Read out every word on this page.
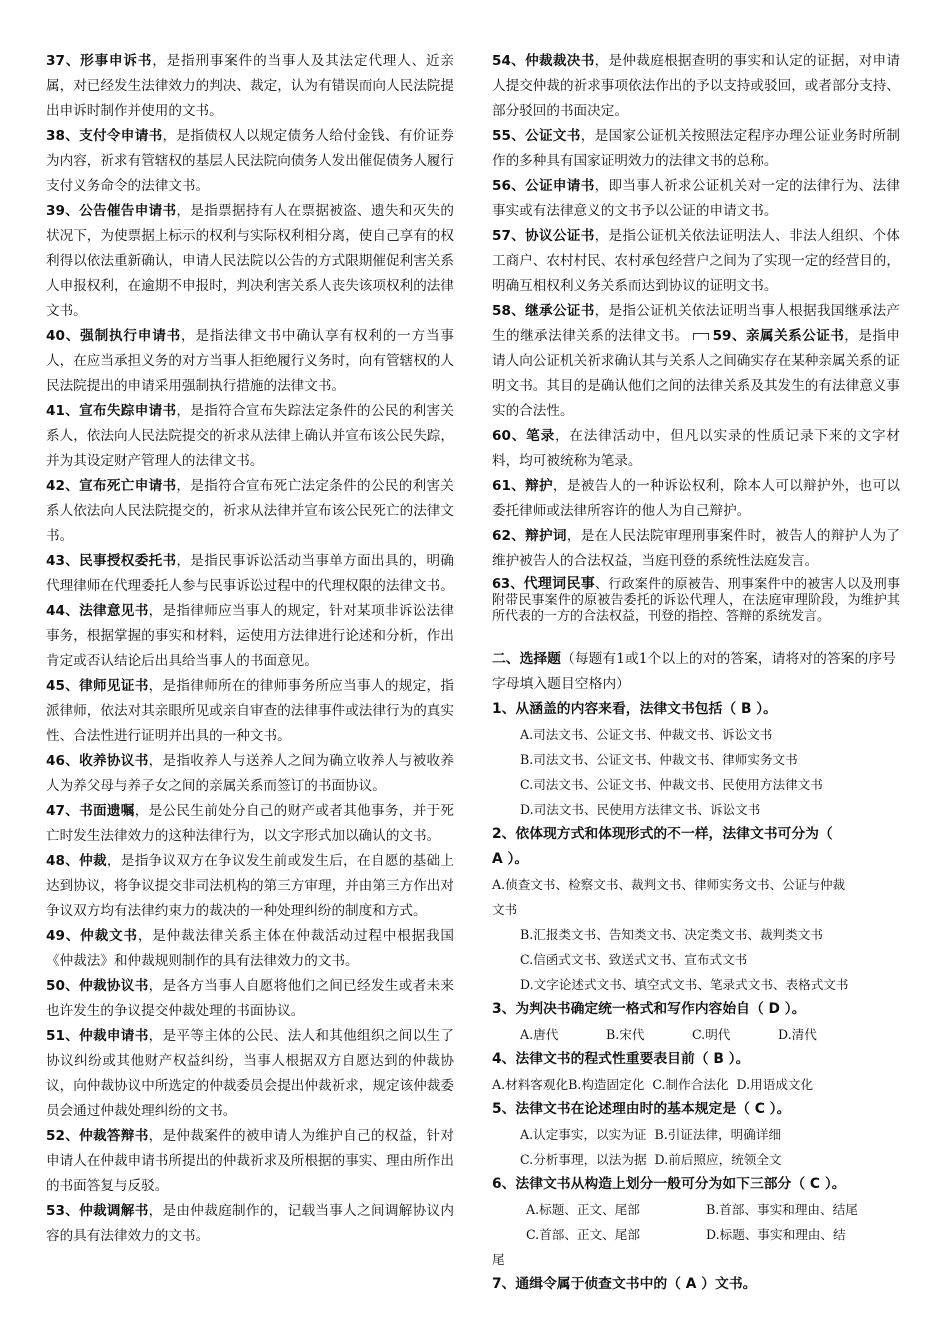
37、形事申诉书，是指刑事案件的当事人及其法定代理人、近亲属，对已经发生法律效力的判决、裁定，认为有错误而向人民法院提出申诉时制作并使用的文书。
38、支付令申请书，是指债权人以规定债务人给付金钱、有价证券为内容，祈求有管辖权的基层人民法院向债务人发出催促债务人履行支付义务命令的法律文书。
39、公告催告申请书，是指票据持有人在票据被盗、遗失和灭失的状况下，为使票据上标示的权利与实际权利相分离，使自己享有的权利得以依法重新确认，申请人民法院以公告的方式限期催促利害关系人申报权利，在逾期不申报时，判决利害关系人丧失该项权利的法律文书。
40、强制执行申请书，是指法律文书中确认享有权利的一方当事人，在应当承担义务的对方当事人拒绝履行义务时，向有管辖权的人民法院提出的申请采用强制执行措施的法律文书。
41、宣布失踪申请书，是指符合宣布失踪法定条件的公民的利害关系人，依法向人民法院提交的祈求从法律上确认并宣布该公民失踪，并为其设定财产管理人的法律文书。
42、宣布死亡申请书，是指符合宣布死亡法定条件的公民的利害关系人依法向人民法院提交的，祈求从法律并宣布该公民死亡的法律文书。
43、民事授权委托书，是指民事诉讼活动当事单方面出具的，明确代理律师在代理委托人参与民事诉讼过程中的代理权限的法律文书。
44、法律意见书，是指律师应当事人的规定，针对某项非诉讼法律事务，根据掌握的事实和材料，运使用方法律进行论述和分析，作出肯定或否认结论后出具给当事人的书面意见。
45、律师见证书，是指律师所在的律师事务所应当事人的规定，指派律师，依法对其亲眼所见或亲自审查的法律事件或法律行为的真实性、合法性进行证明并出具的一种文书。
46、收养协议书，是指收养人与送养人之间为确立收养人与被收养人为养父母与养子女之间的亲属关系而签订的书面协议。
47、书面遗嘱，是公民生前处分自己的财产或者其他事务，并于死亡时发生法律效力的这种法律行为，以文字形式加以确认的文书。
48、仲裁，是指争议双方在争议发生前或发生后，在自愿的基础上达到协议，将争议提交非司法机构的第三方审理，并由第三方作出对争议双方均有法律约束力的裁决的一种处理纠纷的制度和方式。
49、仲裁文书，是仲裁法律关系主体在仲裁活动过程中根据我国《仲裁法》和仲裁规则制作的具有法律效力的文书。
50、仲裁协议书，是各方当事人自愿将他们之间已经发生或者未来也许发生的争议提交仲裁处理的书面协议。
51、仲裁申请书，是平等主体的公民、法人和其他组织之间以生了协议纠纷或其他财产权益纠纷，当事人根据双方自愿达到的仲裁协议，向仲裁协议中所选定的仲裁委员会提出仲裁祈求，规定该仲裁委员会通过仲裁处理纠纷的文书。
52、仲裁答辩书，是仲裁案件的被申请人为维护自己的权益，针对申请人在仲裁申请书所提出的仲裁祈求及所根据的事实、理由所作出的书面答复与反驳。
53、仲裁调解书，是由仲裁庭制作的，记载当事人之间调解协议内容的具有法律效力的文书。
54、仲裁裁决书，是仲裁庭根据查明的事实和认定的证据，对申请人提交仲裁的祈求事项依法作出的予以支持或驳回，或者部分支持、部分驳回的书面决定。
55、公证文书，是国家公证机关按照法定程序办理公证业务时所制作的多种具有国家证明效力的法律文书的总称。
56、公证申请书，即当事人祈求公证机关对一定的法律行为、法律事实或有法律意义的文书予以公证的申请文书。
57、协议公证书，是指公证机关依法证明法人、非法人组织、个体工商户、农村村民、农村承包经营户之间为了实现一定的经营目的，明确互相权利义务关系而达到协议的证明文书。
58、继承公证书，是指公证机关依法证明当事人根据我国继承法产生的继承法律关系的法律文书。 59、亲属关系公证书，是指申请人向公证机关祈求确认其与关系人之间确实存在某种亲属关系的证明文书。其目的是确认他们之间的法律关系及其发生的有法律意义事实的合法性。
60、笔录，在法律活动中，但凡以实录的性质记录下来的文字材料，均可被统称为笔录。
61、辩护，是被告人的一种诉讼权利，除本人可以辩护外，也可以委托律师或法律所容许的他人为自己辩护。
62、辩护词，是在人民法院审理刑事案件时，被告人的辩护人为了维护被告人的合法权益，当庭刊登的系统性法庭发言。
63、代理词民事、行政案件的原被告、刑事案件中的被害人以及刑事附带民事案件的原被告委托的诉讼代理人，在法庭审理阶段，为维护其所代表的一方的合法权益，刊登的指控、答辩的系统发言。
二、选择题（每题有1或1个以上的对的答案，请将对的答案的序号字母填入题目空格内）
1、从涵盖的内容来看，法律文书包括（ B ）。
A.司法文书、公证文书、仲裁文书、诉讼文书
B.司法文书、公证文书、仲裁文书、律师实务文书
C.司法文书、公证文书、仲裁文书、民使用方法律文书
D.司法文书、民使用方法律文书、诉讼文书
2、依体现方式和体现形式的不一样，法律文书可分为（
A ）。
A.侦查文书、检察文书、裁判文书、律师实务文书、公证与仲裁
文书
B.汇报类文书、告知类文书、决定类文书、裁判类文书
C.信函式文书、致送式文书、宣布式文书
D.文字论述式文书、填空式文书、笔录式文书、表格式文书
3、为判决书确定统一格式和写作内容始自（ D ）。
A.唐代	B.宋代	C.明代	D.清代
4、法律文书的程式性重要表目前（ B ）。
A.材料客观化B.构造固定化 C.制作合法化 D.用语成文化
5、法律文书在论述理由时的基本规定是（ C ）。
A.认定事实，以实为证 B.引证法律，明确详细
C.分析事理，以法为据 D.前后照应，统领全文
6、法律文书从构造上划分一般可分为如下三部分（ C ）。
A.标题、正文、尾部	B.首部、事实和理由、结尾
C.首部、正文、尾部	D.标题、事实和理由、结
尾
7、通缉令属于侦查文书中的（ A ）文书。
